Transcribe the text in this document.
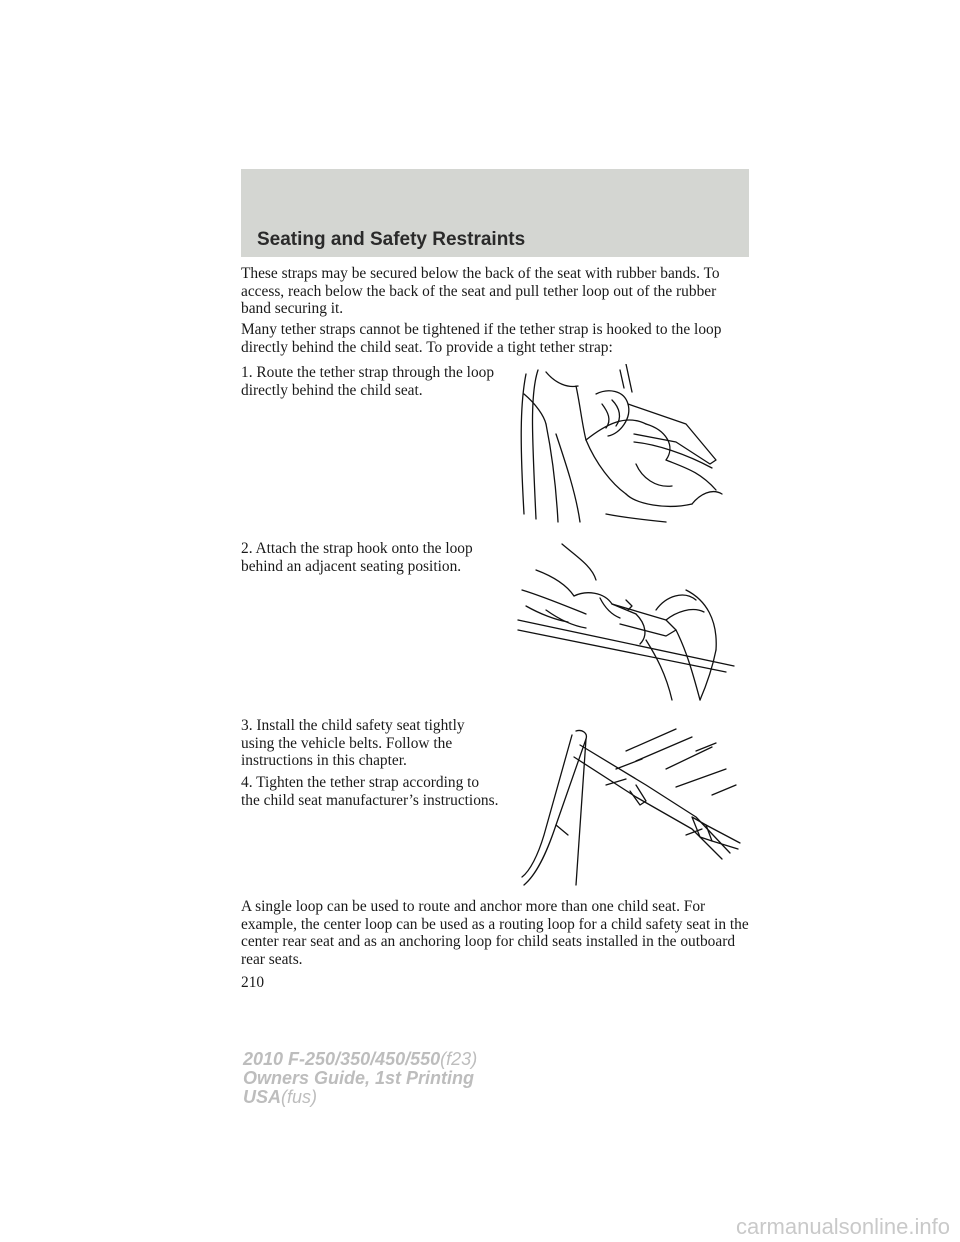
Seating and Safety Restraints

These straps may be secured below the back of the seat with rubber bands. To access, reach below the back of the seat and pull tether loop out of the rubber band securing it.

Many tether straps cannot be tightened if the tether strap is hooked to the loop directly behind the child seat. To provide a tight tether strap:

1. Route the tether strap through the loop directly behind the child seat.

2. Attach the strap hook onto the loop behind an adjacent seating position.

3. Install the child safety seat tightly using the vehicle belts. Follow the instructions in this chapter.

4. Tighten the tether strap according to the child seat manufacturer’s instructions.

A single loop can be used to route and anchor more than one child seat. For example, the center loop can be used as a routing loop for a child safety seat in the center rear seat and as an anchoring loop for child seats installed in the outboard rear seats.

210

2010 F-250/350/450/550(f23)
Owners Guide, 1st Printing
USA(fus)
carmanualsonline.info
